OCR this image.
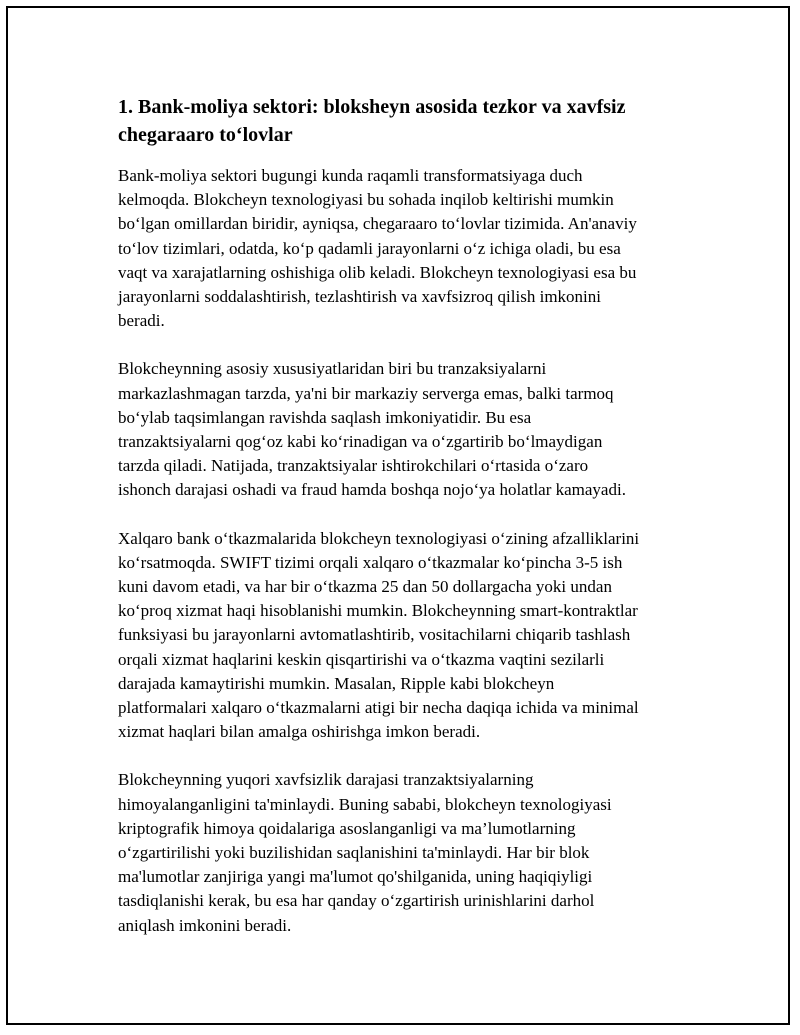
1. Bank-moliya sektori: bloksheyn asosida tezkor va xavfsiz
chegaraaro to‘lovlar

Bank-moliya sektori bugungi kunda raqamli transformatsiyaga duch
kelmoqda. Blokcheyn texnologiyasi bu sohada inqilob keltirishi mumkin
bo‘lgan omillardan biridir, ayniqsa, chegaraaro to‘lovlar tizimida. An'anaviy
to‘lov tizimlari, odatda, ko‘p qadamli jarayonlarni o‘z ichiga oladi, bu esa
vaqt va xarajatlarning oshishiga olib keladi. Blokcheyn texnologiyasi esa bu
jarayonlarni soddalashtirish, tezlashtirish va xavfsizroq qilish imkonini
beradi.

Blokcheynning asosiy xususiyatlaridan biri bu tranzaksiyalarni
markazlashmagan tarzda, ya'ni bir markaziy serverga emas, balki tarmoq
bo‘ylab taqsimlangan ravishda saqlash imkoniyatidir. Bu esa
tranzaktsiyalarni qog‘oz kabi ko‘rinadigan va o‘zgartirib bo‘lmaydigan
tarzda qiladi. Natijada, tranzaktsiyalar ishtirokchilari o‘rtasida o‘zaro
ishonch darajasi oshadi va fraud hamda boshqa nojo‘ya holatlar kamayadi.

Xalqaro bank o‘tkazmalarida blokcheyn texnologiyasi o‘zining afzalliklarini
ko‘rsatmoqda. SWIFT tizimi orqali xalqaro o‘tkazmalar ko‘pincha 3-5 ish
kuni davom etadi, va har bir o‘tkazma 25 dan 50 dollargacha yoki undan
ko‘proq xizmat haqi hisoblanishi mumkin. Blokcheynning smart-kontraktlar
funksiyasi bu jarayonlarni avtomatlashtirib, vositachilarni chiqarib tashlash
orqali xizmat haqlarini keskin qisqartirishi va o‘tkazma vaqtini sezilarli
darajada kamaytirishi mumkin. Masalan, Ripple kabi blokcheyn
platformalari xalqaro o‘tkazmalarni atigi bir necha daqiqa ichida va minimal
xizmat haqlari bilan amalga oshirishga imkon beradi.

Blokcheynning yuqori xavfsizlik darajasi tranzaktsiyalarning
himoyalanganligini ta'minlaydi. Buning sababi, blokcheyn texnologiyasi
kriptografik himoya qoidalariga asoslanganligi va ma’lumotlarning
o‘zgartirilishi yoki buzilishidan saqlanishini ta'minlaydi. Har bir blok
ma'lumotlar zanjiriga yangi ma'lumot qo'shilganida, uning haqiqiyligi
tasdiqlanishi kerak, bu esa har qanday o‘zgartirish urinishlarini darhol
aniqlash imkonini beradi.
